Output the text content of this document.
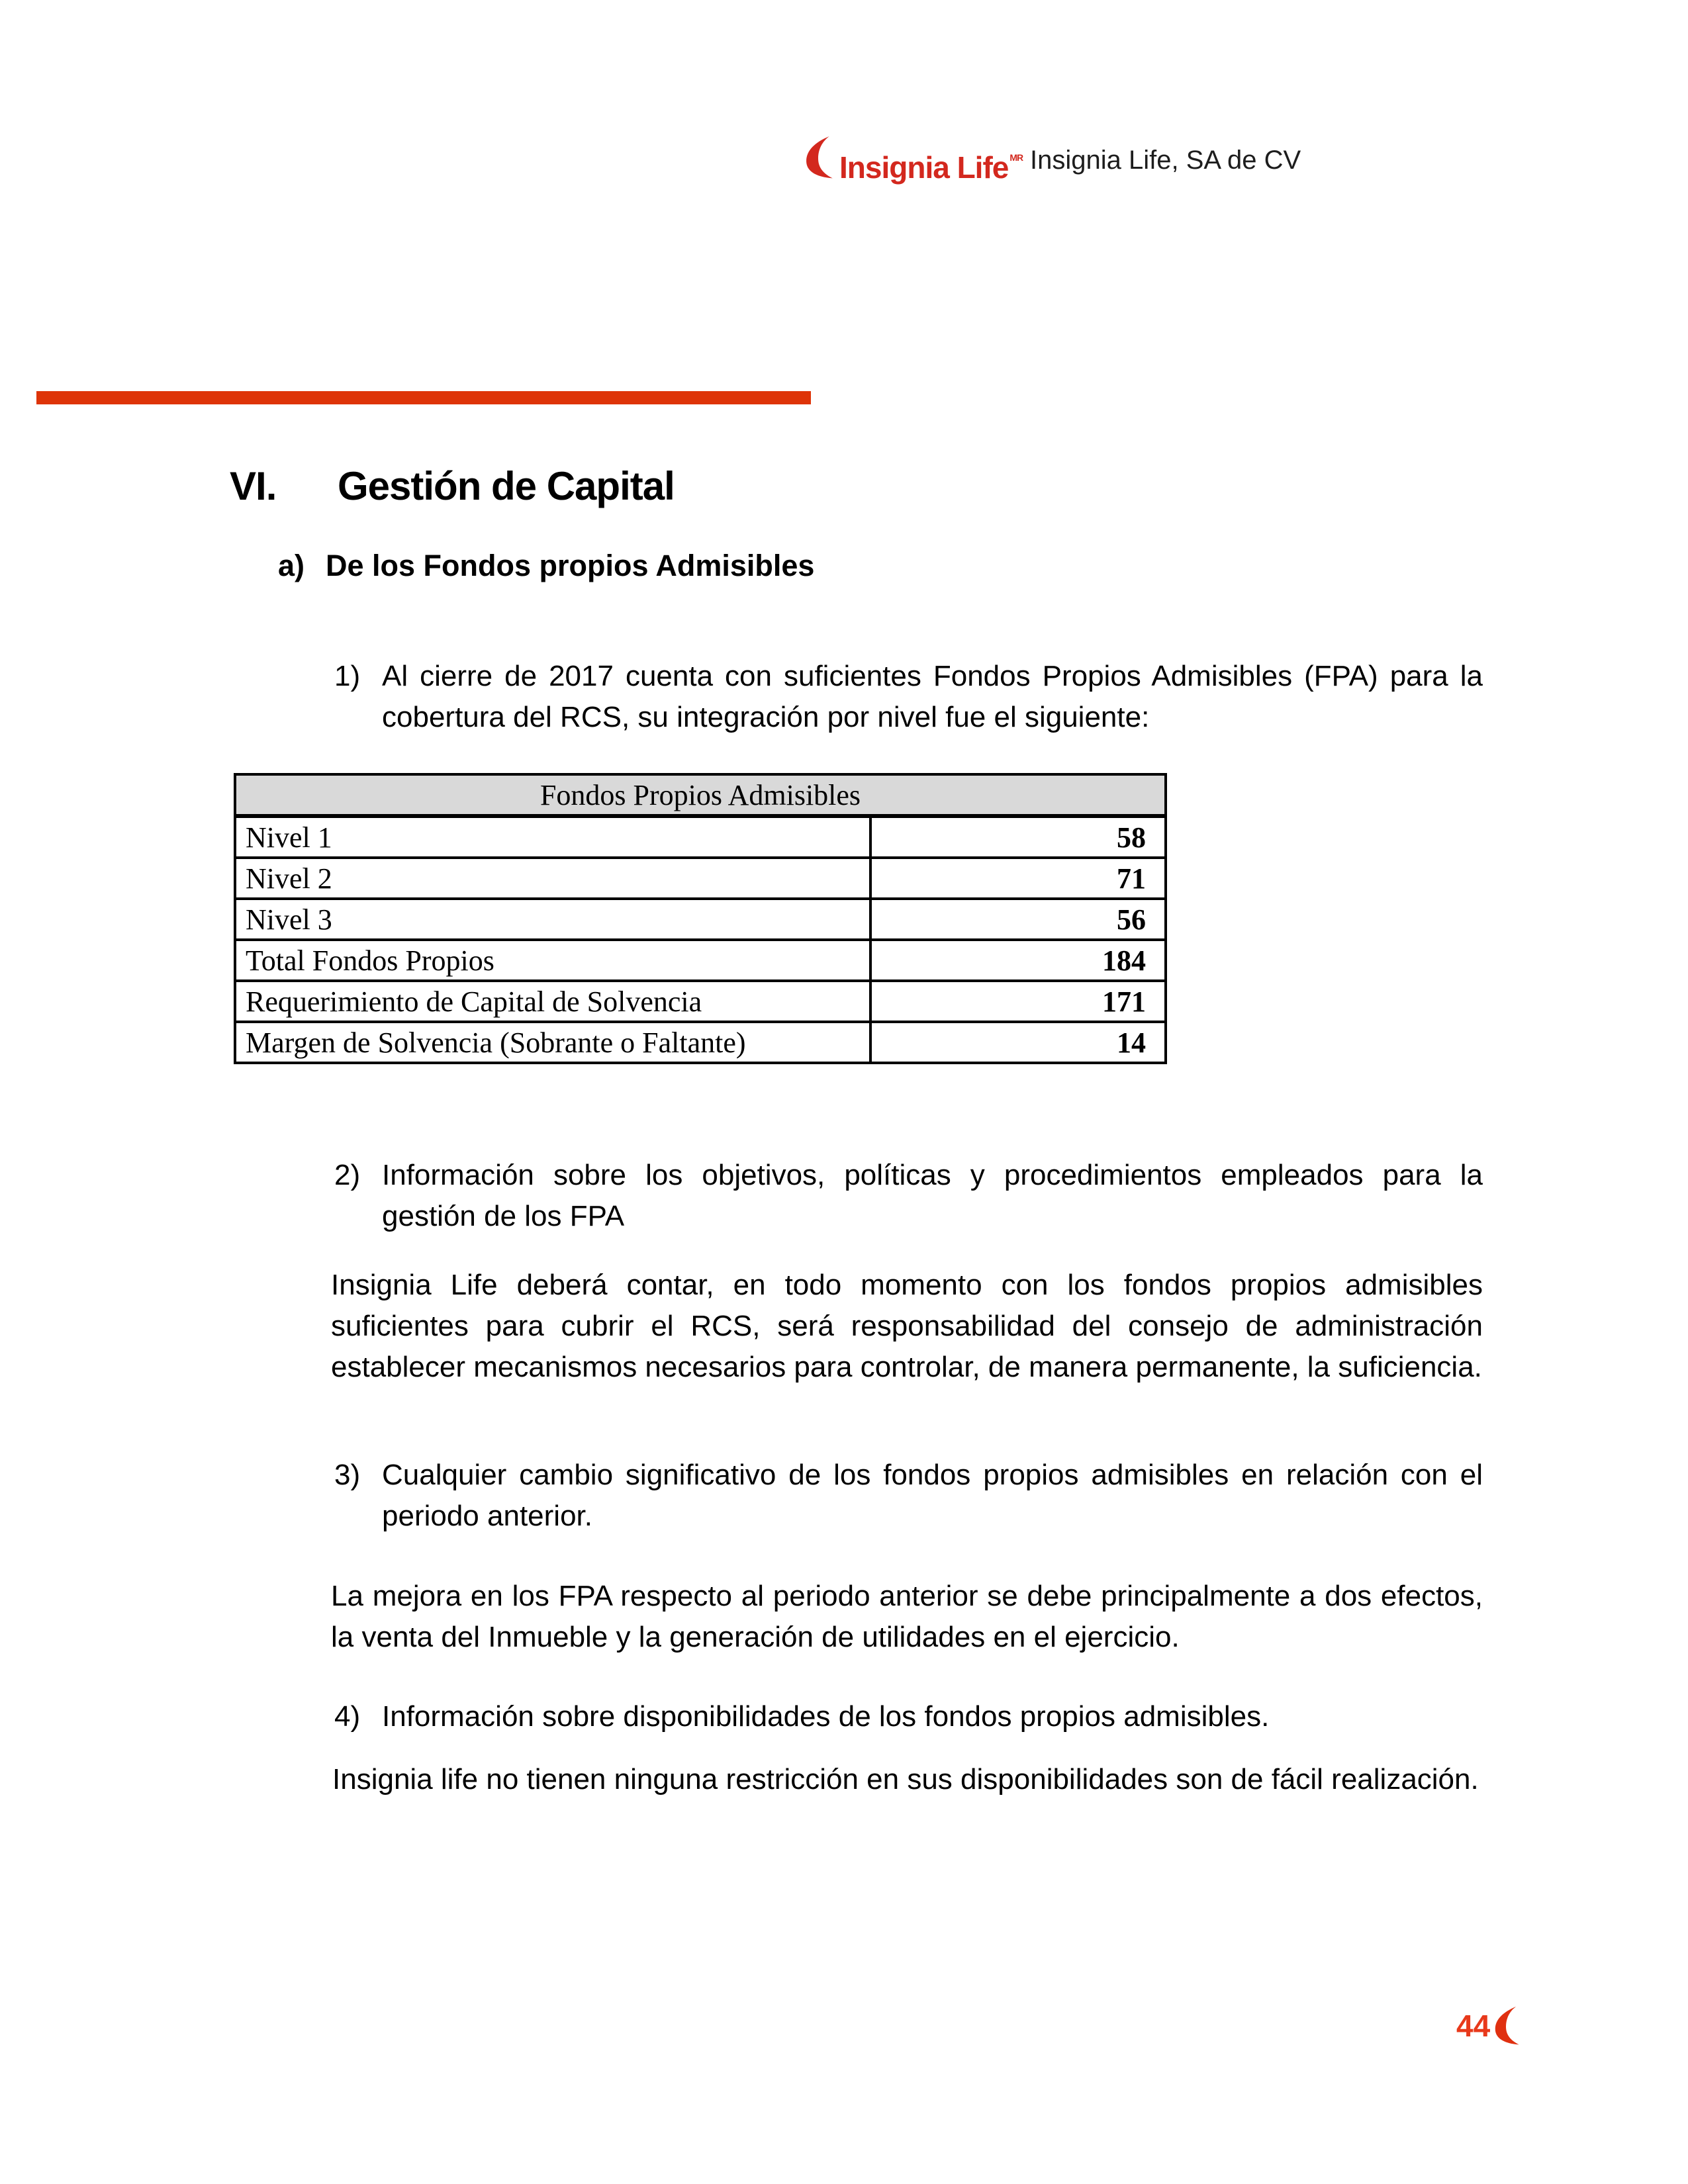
Insignia Life $^{MR}$ Insignia Life, SA de CV
VI.	Gestión de Capital
a) De los Fondos propios Admisibles
1) Al cierre de 2017 cuenta con suficientes Fondos Propios Admisibles (FPA) para la cobertura del RCS, su integración por nivel fue el siguiente:
Fondos Propios Admisibles	
Nivel 1	58
Nivel 2	71
Nivel 3	56
Total Fondos Propios	184
Requerimiento de Capital de Solvencia	171
Margen de Solvencia (Sobrante o Faltante)	14
2) Información sobre los objetivos, políticas y procedimientos empleados para la gestión de los FPA
Insignia Life deberá contar, en todo momento con los fondos propios admisibles suficientes para cubrir el RCS, será responsabilidad del consejo de administración establecer mecanismos necesarios para controlar, de manera permanente, la suficiencia.
3) Cualquier cambio significativo de los fondos propios admisibles en relación con el periodo anterior.
La mejora en los FPA respecto al periodo anterior se debe principalmente a dos efectos, la venta del Inmueble y la generación de utilidades en el ejercicio.
4) Información sobre disponibilidades de los fondos propios admisibles.
Insignia life no tienen ninguna restricción en sus disponibilidades son de fácil realización.
44
